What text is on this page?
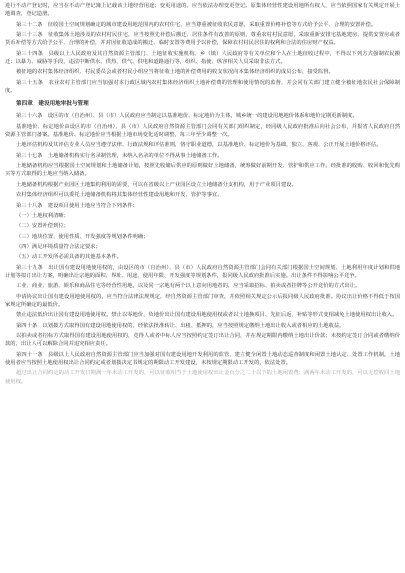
进行不动产登记时，应当在不动产登记簿上记载该土地经营用途；变更用途的，应当依法办理变更登记。原集体经营性建设用地所有权人，应当依照国家有关规定开展土地调查，登记造册。

第三十二条　征收国土空间规划确定的城市建设用地范围内的农村住宅，应当尊重被征收农民意愿，采取重置价格补偿等方式给予公平、合理的安置补偿。

第三十三条　征收集体土地涉及的农村村民住宅，应当按照先补偿后搬迁、居住条件有改善的原则，尊重农村村民意愿，采取重新安排宅基地建房、提供安置房或者货币补偿等方式给予公平、合理的补偿，并对因征收造成的搬迁、临时安置等费用予以补偿，保障农村村民居住的权利和合法的住房财产权益。

第三十四条　县级以上人民政府及其自然资源主管部门、土地征收实施机构、乡（镇）人民政府等有关单位和个人在土地征收过程中，不得以下列方式强制农民搬迁：以暴力、威胁等手段，违法中断供水、供热、供气、供电和道路通行等，组织、指使、纵容相关人员采取非法方式。

被征地的农村集体经济组织、村民委员会或者村民小组应当将征收土地的补偿费用的收支状况向本集体经济组织的成员公布，接受监督。

第三十五条　农业农村主管部门应当加强对本行政区域内农村集体经济组织土地补偿费的管理和使用情况的监督，并会同有关部门建立健全被征地农民社会保障制度。

第四章　建设用地审批与管理

第三十六条　设区的市（自治州）、县（市）人民政府应当制定以基准地价、标定地价为主体，城乡统一的建设用地地价体系和地价定期更新制度。

基准地价、标定地价由设区的市（自治州）、县（市）人民政府自然资源主管部门会同有关部门组织制定，经同级人民政府批准后向社会公布，并报省人民政府自然资源主管部门备案。基准地价、标定地价应当根据土地市场变化适时调整，每三年至少调整一次。

土地评估机构及其评估专业人员应当遵守法律、行政法规和评估准则，恪守职业道德，以基准地价、标定地价为基础，独立、客观、公正开展土地价格评估。

第三十七条　土地储备机构实行名录制管理，未纳入名录的单位不得从事土地储备工作。

土地储备机构应当根据国土空间规划和土地储备计划，按照先收储后供应的原则做好土地储备，统筹做好前期开发、管护和供应工作。经批准的收购、收回和优先购买等方式取得的土地应当纳入储备。

土地储备机构根据产业园区土地集约利用的需要，可以在省级以上产业园区设立土地储备分支机构，用于产业项目建设。

农村集体经济组织可以委托土地储备机构将其集体经营性建设用地和开发、管护等事宜。

第三十八条　建设项目使用土地应当符合下列条件：

（一）土地权利清晰；

（二）安置补偿到位；

（三）地块位置、使用性质、开发强度等规划条件明确；

（四）满足环境质量符合法定要求；

（五）动工开发所必需具备的其他基本条件。

第三十九条　出让国有建设用地使用权的，由设区的市（自治州）、县（市）人民政府自然资源主管部门会同有关部门根据国土空间规划、土地利用年度计划和供地计划等拟订出让方案，明确出让宗地的面积、界址、用途、使用年限、开发强度等规划条件，报同级人民政府批准后实施。出让条件不得影响公平竞争。

工业、商业、旅游、娱乐和商品住宅等经营性用地，以及同一宗地有两个以上意向用地者的，应当采取招标、拍卖或者挂牌等公开竞价的方式出让。

申请协议出让国有建设用地使用权的，应当符合法律法规规定，经自然资源主管部门审查，并依照相关规定公示后报同级人民政府批准。协议出让价格不得低于按国家规定所确定的最低价。

禁止违法低价出让国有建设用地使用权。禁止以零地价、负地价出让国有建设用地使用权或者以土地换项目、先征后返、补贴等形式变相减免土地使用权出让收入。

第四十条　以划拨方式取得国有建设用地使用权的，经依法批准转让、出租、抵押的，应当按照规定缴纳土地出让收入或者相应的土地收益。

以拍卖或者招标方式取得国有建设用地使用权的，竞得人或者中标人应当按照约定签订出让合同，并在规定期限内缴纳土地出让价款；未按约定签订合同或者缴纳价款的，出让人可以解除合同并追究相应责任。

第四十一条　县级以上人民政府自然资源主管部门应当加强对国有建设用地开发利用的监管，建立健全闲置土地动态巡查制度和闲置土地认定、处置工作机制。土地使用者应当按照土地使用权出让合同约定或者划拨决定书规定的期限动工开发建设，未按规定期限动工开发的，依法处置。

超过出让合同约定的动工开发日期满一年未动工开发的，可以征收相当于土地使用权出让金百分之二十以下的土地闲置费；满两年未动工开发的，可以无偿收回土地使用权。
